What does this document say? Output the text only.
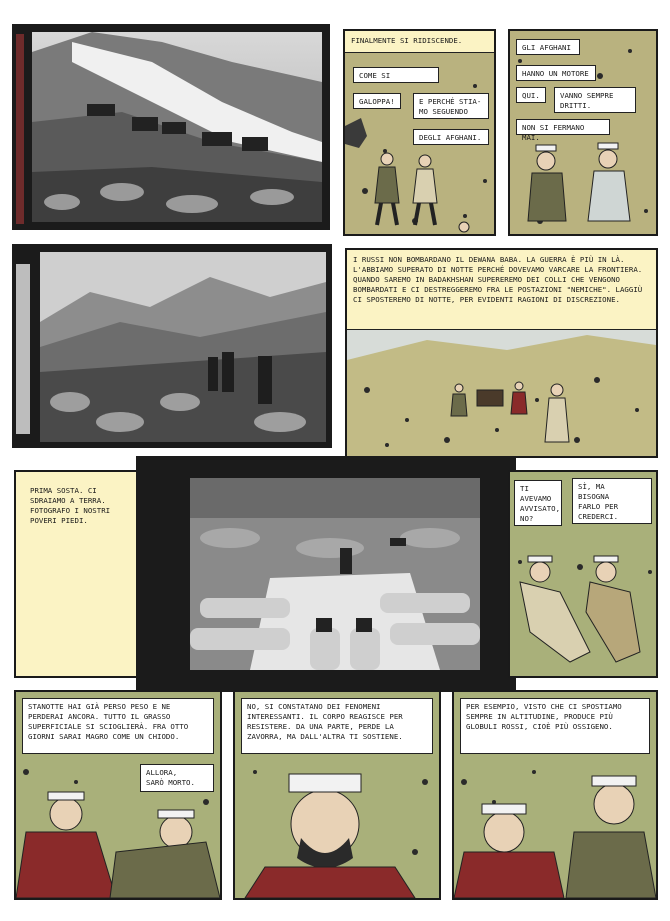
FINALMENTE SI RIDISCENDE.
COME SI
GALOPPA!	E PERCHÉ STIA-
MO SEGUENDO
DEGLI AFGHANI.
GLI AFGHANI
HANNO UN MOTORE
QUI.	VANNO SEMPRE
DRITTI.
NON SI FERMANO MAI.
I RUSSI NON BOMBARDANO IL DEWANA BABA. LA GUERRA È PIÙ IN LÀ. L'ABBIAMO SUPERATO DI NOTTE PERCHÉ DOVEVAMO VARCARE LA FRONTIERA. QUANDO SAREMO IN BADAKHSHAN SUPEREREMO DEI COLLI CHE VENGONO BOMBARDATI E CI DESTREGGEREMO FRA LE POSTAZIONI "NEMICHE". LAGGIÙ CI SPOSTEREMO DI NOTTE, PER EVIDENTI RAGIONI DI DISCREZIONE.
PRIMA SOSTA. CI
SDRAIAMO A TERRA.
FOTOGRAFO I NOSTRI
POVERI PIEDI.
TI
AVEVAMO
AVVISATO,
NO?
SÌ, MA
BISOGNA
FARLO PER
CREDERCI.
STANOTTE HAI GIÀ PERSO PESO E NE PERDERAI ANCORA. TUTTO IL GRASSO SUPERFICIALE SI SCIOGLIERÀ. FRA OTTO GIORNI SARAI MAGRO COME UN CHIODO.
ALLORA,
SARÒ MORTO.
NO, SI CONSTATANO DEI FENOMENI INTERESSANTI. IL CORPO REAGISCE PER RESISTERE. DA UNA PARTE, PERDE LA ZAVORRA, MA DALL'ALTRA TI SOSTIENE.
PER ESEMPIO, VISTO CHE CI SPOSTIAMO SEMPRE IN ALTITUDINE, PRODUCE PIÙ GLOBULI ROSSI, CIOÈ PIÙ OSSIGENO.
